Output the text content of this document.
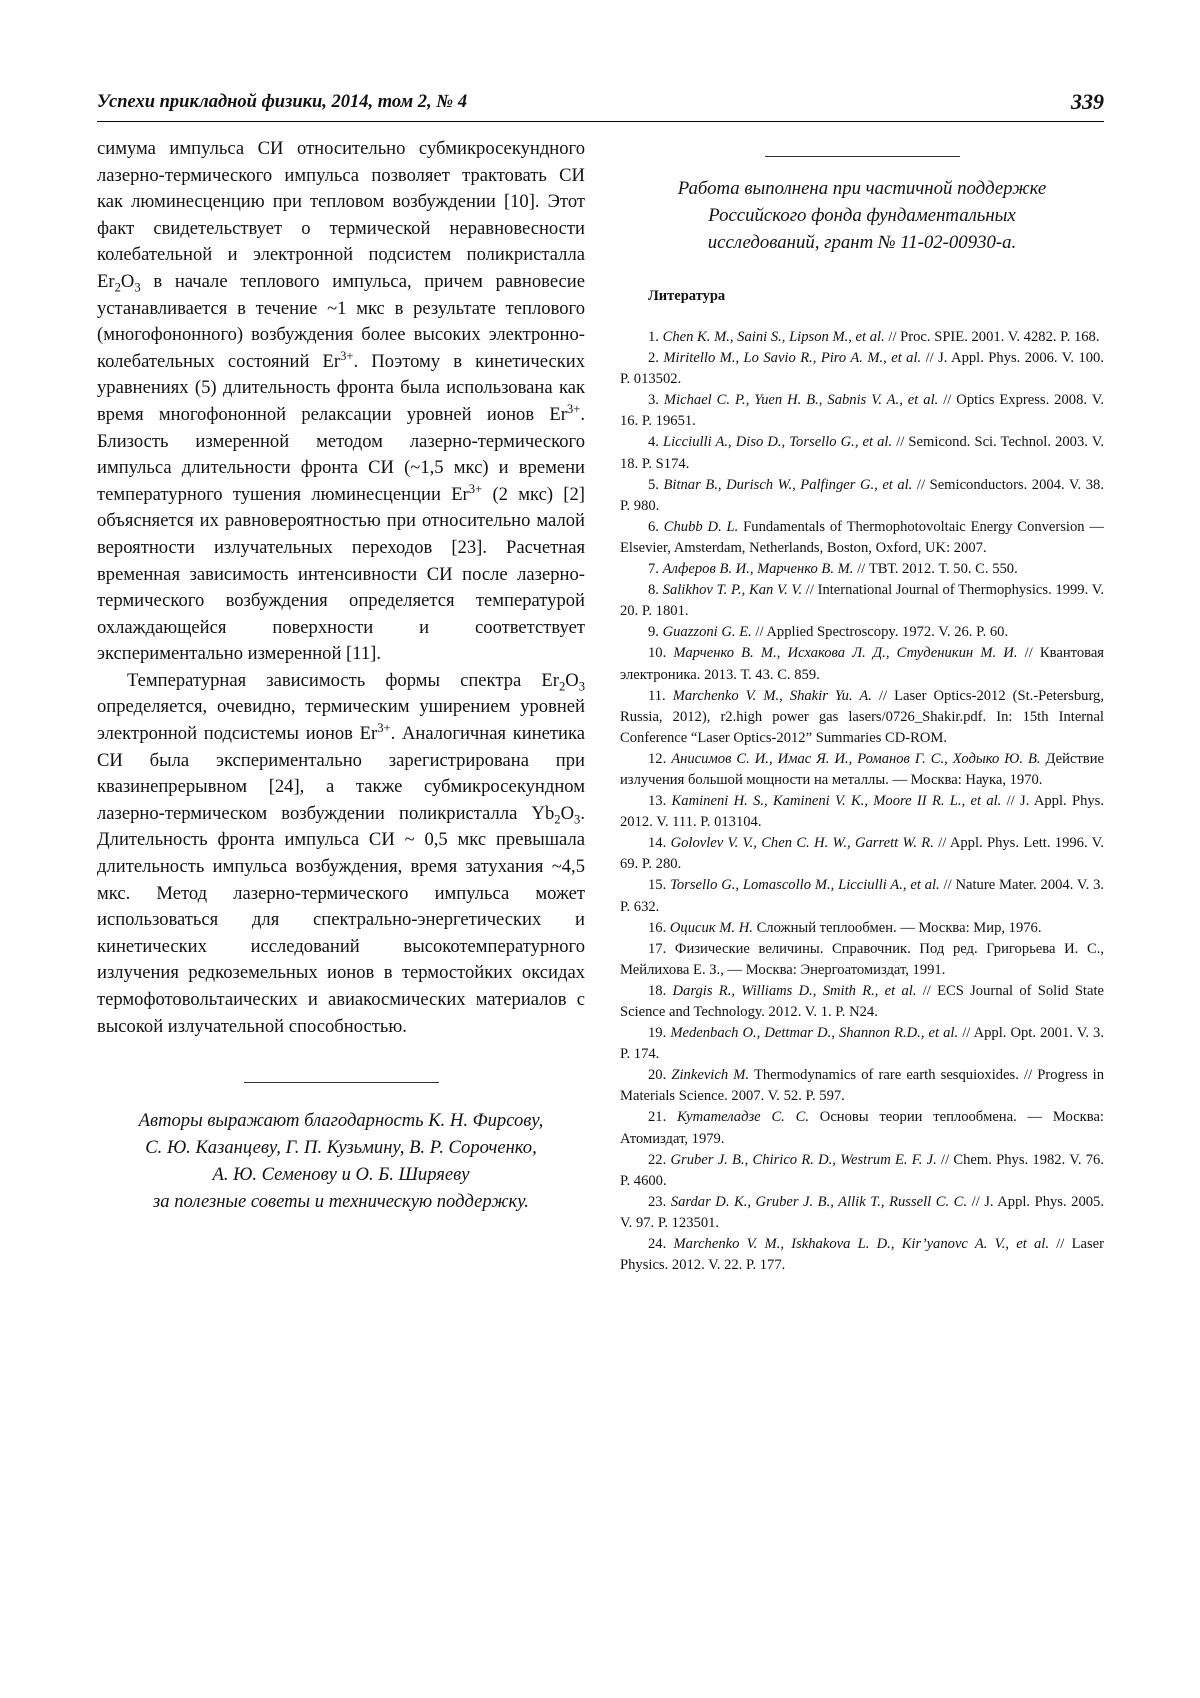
Успехи прикладной физики, 2014, том 2, № 4	339

симума импульса СИ относительно субмикросекундного лазерно-термического импульса позволяет трактовать СИ как люминесценцию при тепловом возбуждении [10]. Этот факт свидетельствует о термической неравновесности колебательной и электронной подсистем поликристалла $Er_2O_3$ в начале теплового импульса, причем равновесие устанавливается в течение ~1 мкс в результате теплового (многофононного) возбуждения более высоких электронно-колебательных состояний $Er^{3+}$. Поэтому в кинетических уравнениях (5) длительность фронта была использована как время многофононной релаксации уровней ионов $Er^{3+}$. Близость измеренной методом лазерно-термического импульса длительности фронта СИ (~1,5 мкс) и времени температурного тушения люминесценции $Er^{3+}$ (2 мкс) [2] объясняется их равновероятностью при относительно малой вероятности излучательных переходов [23]. Расчетная временная зависимость интенсивности СИ после лазерно-термического возбуждения определяется температурой охлаждающейся поверхности и соответствует экспериментально измеренной [11].

Температурная зависимость формы спектра $Er_2O_3$ определяется, очевидно, термическим уширением уровней электронной подсистемы ионов $Er^{3+}$. Аналогичная кинетика СИ была экспериментально зарегистрирована при квазинепрерывном [24], а также субмикросекундном лазерно-термическом возбуждении поликристалла $Yb_2O_3$. Длительность фронта импульса СИ ~ 0,5 мкс превышала длительность импульса возбуждения, время затухания ~4,5 мкс. Метод лазерно-термического импульса может использоваться для спектрально-энергетических и кинетических исследований высокотемпературного излучения редкоземельных ионов в термостойких оксидах термофотовольтаических и авиакосмических материалов с высокой излучательной способностью.

Авторы выражают благодарность К. Н. Фирсову,
С. Ю. Казанцеву, Г. П. Кузьмину, В. Р. Сороченко,
А. Ю. Семенову и О. Б. Ширяеву
за полезные советы и техническую поддержку.
Работа выполнена при частичной поддержке
Российского фонда фундаментальных
исследований, грант № 11-02-00930-а.
Литература

1. Chen K. M., Saini S., Lipson M., et al. // Proc. SPIE. 2001. V. 4282. P. 168.

2. Miritello M., Lo Savio R., Piro A. M., et al. // J. Appl. Phys. 2006. V. 100. P. 013502.

3. Michael C. P., Yuen H. B., Sabnis V. A., et al. // Optics Express. 2008. V. 16. P. 19651.

4. Licciulli A., Diso D., Torsello G., et al. // Semicond. Sci. Technol. 2003. V. 18. P. S174.

5. Bitnar B., Durisch W., Palfinger G., et al. // Semiconductors. 2004. V. 38. P. 980.

6. Chubb D. L. Fundamentals of Thermophotovoltaic Energy Conversion — Elsevier, Amsterdam, Netherlands, Boston, Oxford, UK: 2007.

7. Алферов В. И., Марченко В. М. // ТВТ. 2012. Т. 50. С. 550.

8. Salikhov T. P., Kan V. V. // International Journal of Thermophysics. 1999. V. 20. P. 1801.

9. Guazzoni G. E. // Applied Spectroscopy. 1972. V. 26. P. 60.

10. Марченко В. М., Исхакова Л. Д., Студеникин М. И. // Квантовая электроника. 2013. Т. 43. С. 859.

11. Marchenko V. M., Shakir Yu. A. // Laser Optics-2012 (St.-Petersburg, Russia, 2012), r2.high power gas lasers/0726_Shakir.pdf. In: 15th Internal Conference “Laser Optics-2012” Summaries CD-ROM.

12. Анисимов С. И., Имас Я. И., Романов Г. С., Ходыко Ю. В. Действие излучения большой мощности на металлы. — Москва: Наука, 1970.

13. Kamineni H. S., Kamineni V. K., Moore II R. L., et al. // J. Appl. Phys. 2012. V. 111. P. 013104.

14. Golovlev V. V., Chen C. H. W., Garrett W. R. // Appl. Phys. Lett. 1996. V. 69. P. 280.

15. Torsello G., Lomascollo M., Licciulli A., et al. // Nature Mater. 2004. V. 3. P. 632.

16. Оцисик М. Н. Сложный теплообмен. — Москва: Мир, 1976.

17. Физические величины. Справочник. Под ред. Григорьева И. С., Мейлихова Е. З., — Москва: Энергоатомиздат, 1991.

18. Dargis R., Williams D., Smith R., et al. // ECS Journal of Solid State Science and Technology. 2012. V. 1. P. N24.

19. Medenbach O., Dettmar D., Shannon R.D., et al. // Appl. Opt. 2001. V. 3. P. 174.

20. Zinkevich M. Thermodynamics of rare earth sesquioxides. // Progress in Materials Science. 2007. V. 52. P. 597.

21. Кутателадзе С. С. Основы теории теплообмена. — Москва: Атомиздат, 1979.

22. Gruber J. B., Chirico R. D., Westrum E. F. J. // Chem. Phys. 1982. V. 76. P. 4600.

23. Sardar D. K., Gruber J. B., Allik T., Russell C. C. // J. Appl. Phys. 2005. V. 97. P. 123501.

24. Marchenko V. M., Iskhakova L. D., Kir’yanovc A. V., et al. // Laser Physics. 2012. V. 22. P. 177.
